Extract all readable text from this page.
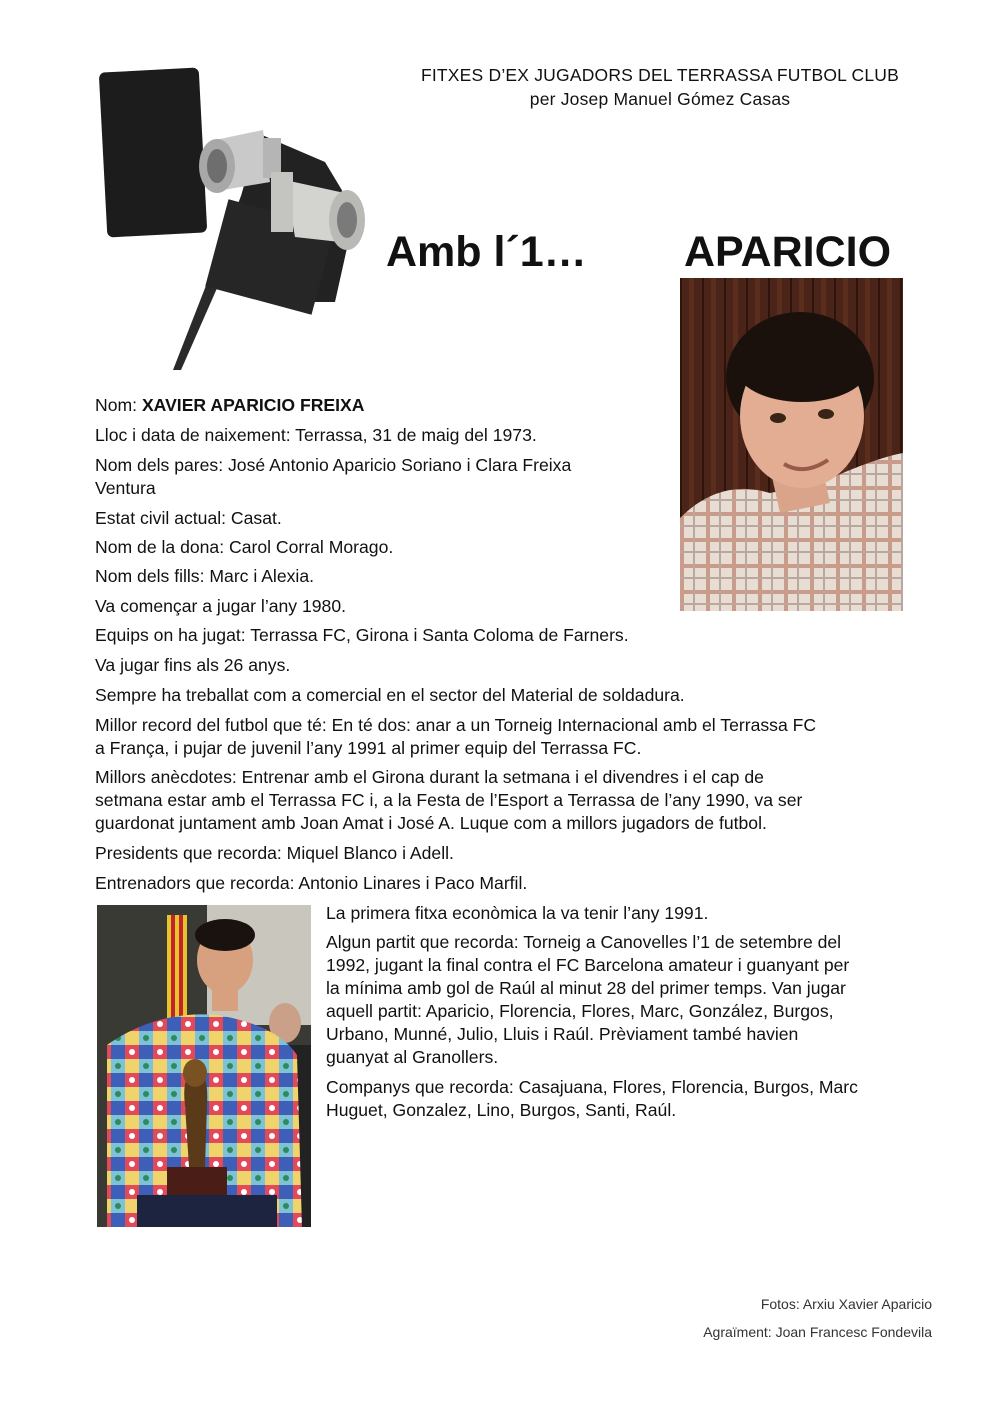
FITXES D’EX JUGADORS DEL TERRASSA FUTBOL CLUB
per Josep Manuel Gómez Casas
Amb l´1… APARICIO
Nom: XAVIER APARICIO FREIXA
Lloc i data de naixement: Terrassa, 31 de maig del 1973.
Nom dels pares: José Antonio Aparicio Soriano i Clara Freixa
Ventura
Estat civil actual: Casat.
Nom de la dona: Carol Corral Morago.
Nom dels fills: Marc i Alexia.
Va començar a jugar l’any 1980.
Equips on ha jugat: Terrassa FC, Girona i Santa Coloma de Farners.
Va jugar fins als 26 anys.
Sempre ha treballat com a comercial en el sector del Material de soldadura.
Millor record del futbol que té: En té dos: anar a un Torneig Internacional amb el Terrassa FC
a França, i pujar de juvenil l’any 1991 al primer equip del Terrassa FC.
Millors anècdotes: Entrenar amb el Girona durant la setmana i el divendres i el cap de
setmana estar amb el Terrassa FC i, a la Festa de l’Esport a Terrassa de l’any 1990, va ser
guardonat juntament amb Joan Amat i José A. Luque com a millors jugadors de futbol.
Presidents que recorda: Miquel Blanco i Adell.
Entrenadors que recorda: Antonio Linares i Paco Marfil.
La primera fitxa econòmica la va tenir l’any 1991.
Algun partit que recorda: Torneig a Canovelles l’1 de setembre del
1992, jugant la final contra el FC Barcelona amateur i guanyant per
la mínima amb gol de Raúl al minut 28 del primer temps. Van jugar
aquell partit: Aparicio, Florencia, Flores, Marc, González, Burgos,
Urbano, Munné, Julio, Lluis i Raúl. Prèviament també havien
guanyat al Granollers.
Companys que recorda: Casajuana, Flores, Florencia, Burgos, Marc
Huguet, Gonzalez, Lino, Burgos, Santi, Raúl.
Fotos: Arxiu Xavier Aparicio
Agraïment: Joan Francesc Fondevila
